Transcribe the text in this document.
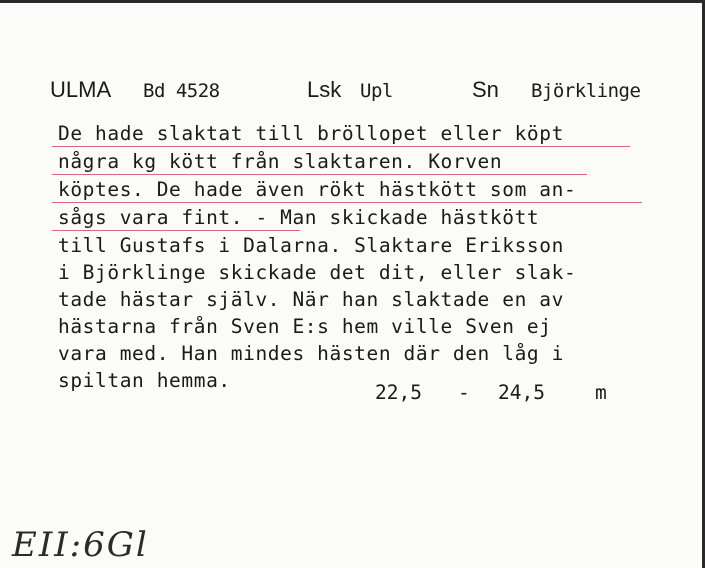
ULMA Bd 4528	Lsk Upl	Sn Björklinge
De hade slaktat till bröllopet eller köpt
några kg kött från slaktaren. Korven
köptes. De hade även rökt hästkött som an-
sågs vara fint. - Man skickade hästkött
till Gustafs i Dalarna. Slaktare Eriksson
i Björklinge skickade det dit, eller slak-
tade hästar själv. När han slaktade en av
hästarna från Sven E:s hem ville Sven ej
vara med. Han mindes hästen där den låg i
spiltan hemma.
22,5 - 24,5	m
EII:6Gl
